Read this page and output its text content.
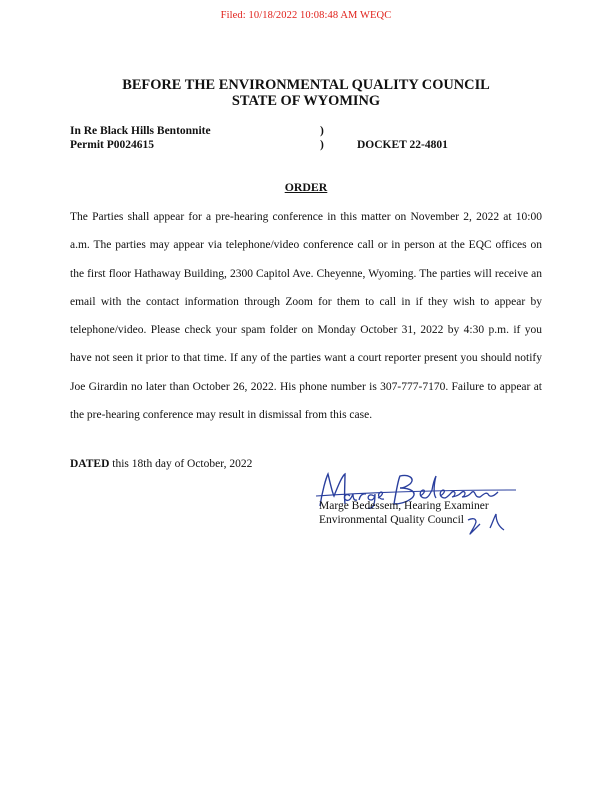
Filed: 10/18/2022 10:08:48 AM WEQC
BEFORE THE ENVIRONMENTAL QUALITY COUNCIL
STATE OF WYOMING
In Re Black Hills Bentonnite	)
Permit P0024615	)	DOCKET 22-4801
ORDER

The Parties shall appear for a pre-hearing conference in this matter on November 2, 2022 at 10:00 a.m. The parties may appear via telephone/video conference call or in person at the EQC offices on the first floor Hathaway Building, 2300 Capitol Ave. Cheyenne, Wyoming. The parties will receive an email with the contact information through Zoom for them to call in if they wish to appear by telephone/video. Please check your spam folder on Monday October 31, 2022 by 4:30 p.m. if you have not seen it prior to that time. If any of the parties want a court reporter present you should notify Joe Girardin no later than October 26, 2022. His phone number is 307-777-7170. Failure to appear at the pre-hearing conference may result in dismissal from this case.

DATED this 18th day of October, 2022
Marge Bedessem, Hearing Examiner
Environmental Quality Council
